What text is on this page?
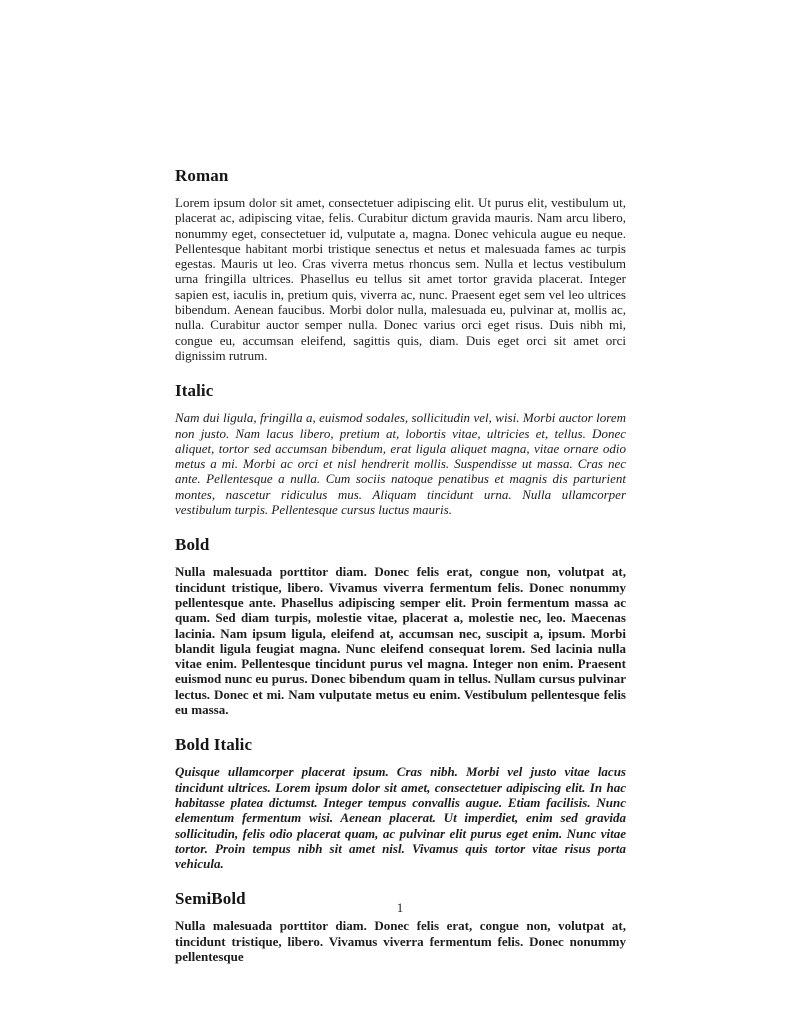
Roman

Lorem ipsum dolor sit amet, consectetuer adipiscing elit. Ut purus elit, vestibulum ut, placerat ac, adipiscing vitae, felis. Curabitur dictum gravida mauris. Nam arcu libero, nonummy eget, consectetuer id, vulputate a, magna. Donec vehicula augue eu neque. Pellentesque habitant morbi tristique senectus et netus et malesuada fames ac turpis egestas. Mauris ut leo. Cras viverra metus rhoncus sem. Nulla et lectus vestibulum urna fringilla ultrices. Phasellus eu tellus sit amet tortor gravida placerat. Integer sapien est, iaculis in, pretium quis, viverra ac, nunc. Praesent eget sem vel leo ultrices bibendum. Aenean faucibus. Morbi dolor nulla, malesuada eu, pulvinar at, mollis ac, nulla. Curabitur auctor semper nulla. Donec varius orci eget risus. Duis nibh mi, congue eu, accumsan eleifend, sagittis quis, diam. Duis eget orci sit amet orci dignissim rutrum.

Italic

Nam dui ligula, fringilla a, euismod sodales, sollicitudin vel, wisi. Morbi auctor lorem non justo. Nam lacus libero, pretium at, lobortis vitae, ultricies et, tellus. Donec aliquet, tortor sed accumsan bibendum, erat ligula aliquet magna, vitae ornare odio metus a mi. Morbi ac orci et nisl hendrerit mollis. Suspendisse ut massa. Cras nec ante. Pellentesque a nulla. Cum sociis natoque penatibus et magnis dis parturient montes, nascetur ridiculus mus. Aliquam tincidunt urna. Nulla ullamcorper vestibulum turpis. Pellentesque cursus luctus mauris.

Bold

Nulla malesuada porttitor diam. Donec felis erat, congue non, volutpat at, tincidunt tristique, libero. Vivamus viverra fermentum felis. Donec nonummy pellentesque ante. Phasellus adipiscing semper elit. Proin fermentum massa ac quam. Sed diam turpis, molestie vitae, placerat a, molestie nec, leo. Maecenas lacinia. Nam ipsum ligula, eleifend at, accumsan nec, suscipit a, ipsum. Morbi blandit ligula feugiat magna. Nunc eleifend consequat lorem. Sed lacinia nulla vitae enim. Pellentesque tincidunt purus vel magna. Integer non enim. Praesent euismod nunc eu purus. Donec bibendum quam in tellus. Nullam cursus pulvinar lectus. Donec et mi. Nam vulputate metus eu enim. Vestibulum pellentesque felis eu massa.

Bold Italic

Quisque ullamcorper placerat ipsum. Cras nibh. Morbi vel justo vitae lacus tincidunt ultrices. Lorem ipsum dolor sit amet, consectetuer adipiscing elit. In hac habitasse platea dictumst. Integer tempus convallis augue. Etiam facilisis. Nunc elementum fermentum wisi. Aenean placerat. Ut imperdiet, enim sed gravida sollicitudin, felis odio placerat quam, ac pulvinar elit purus eget enim. Nunc vitae tortor. Proin tempus nibh sit amet nisl. Vivamus quis tortor vitae risus porta vehicula.

SemiBold

Nulla malesuada porttitor diam. Donec felis erat, congue non, volutpat at, tincidunt tristique, libero. Vivamus viverra fermentum felis. Donec nonummy pellentesque

1
